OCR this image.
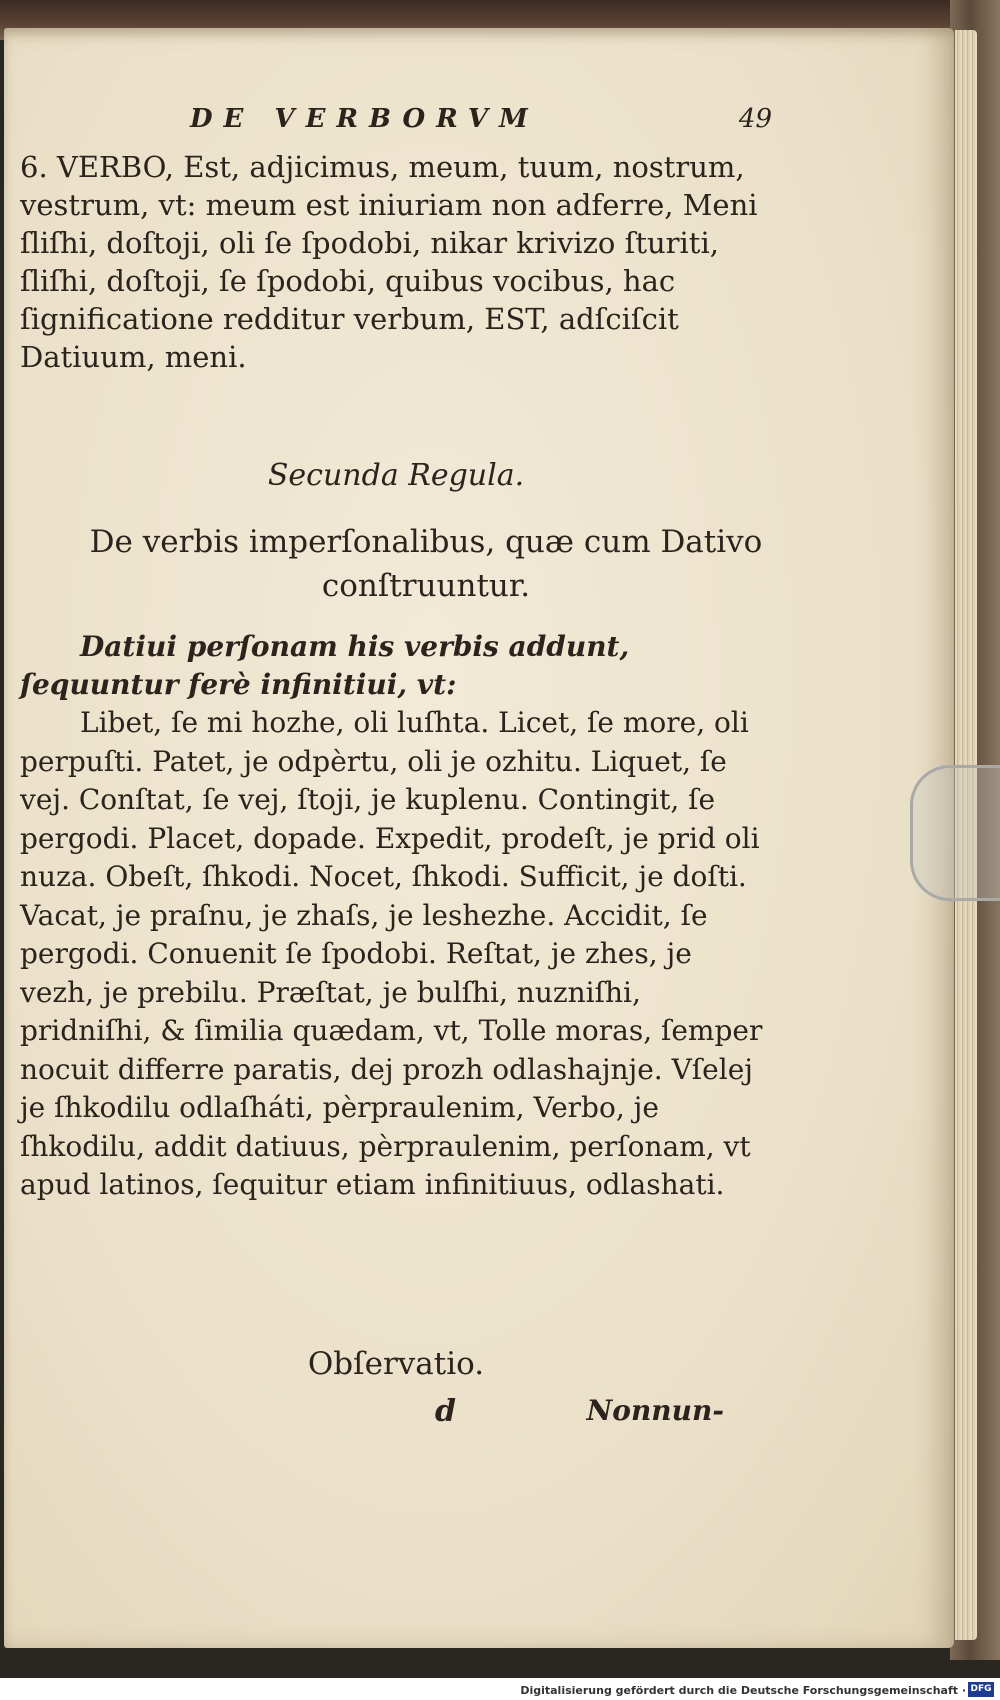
DE VERBORVM	49

6. VERBO, Est, adjicimus, meum, tuum, nostrum, vestrum, vt: meum est iniuriam non adferre, Meni ſliſhi, doſtoji, oli ſe ſpodobi, nikar krivizo ſturiti, ſliſhi, doſtoji, ſe ſpodobi, quibus vocibus, hac ſignificatione redditur verbum, EST, adſciſcit Datiuum, meni.

Secunda Regula.
De verbis imperſonalibus, quæ cum Dativo conſtruuntur.

Datiui perſonam his verbis addunt, ſequuntur ferè infinitiui, vt:

Libet, ſe mi hozhe, oli luſhta. Licet, ſe more, oli perpuſti. Patet, je odpèrtu, oli je ozhitu. Liquet, ſe vej. Conſtat, ſe vej, ſtoji, je kuplenu. Contingit, ſe pergodi. Placet, dopade. Expedit, prodeſt, je prid oli nuza. Obeſt, ſhkodi. Nocet, ſhkodi. Sufficit, je doſti. Vacat, je praſnu, je zhaſs, je leshezhe. Accidit, ſe pergodi. Conuenit ſe ſpodobi. Reſtat, je zhes, je vezh, je prebilu. Præſtat, je bulſhi, nuzniſhi, pridniſhi, & ſimilia quædam, vt, Tolle moras, ſemper nocuit differre paratis, dej prozh odlashajnje. Vſelej je ſhkodilu odlaſháti, pèrpraulenim, Verbo, je ſhkodilu, addit datiuus, pèrpraulenim, perſonam, vt apud latinos, ſequitur etiam infinitiuus, odlashati.

Obſervatio.
d	Nonnun-
Digitalisierung gefördert durch die Deutsche Forschungsgemeinschaft · DFG
